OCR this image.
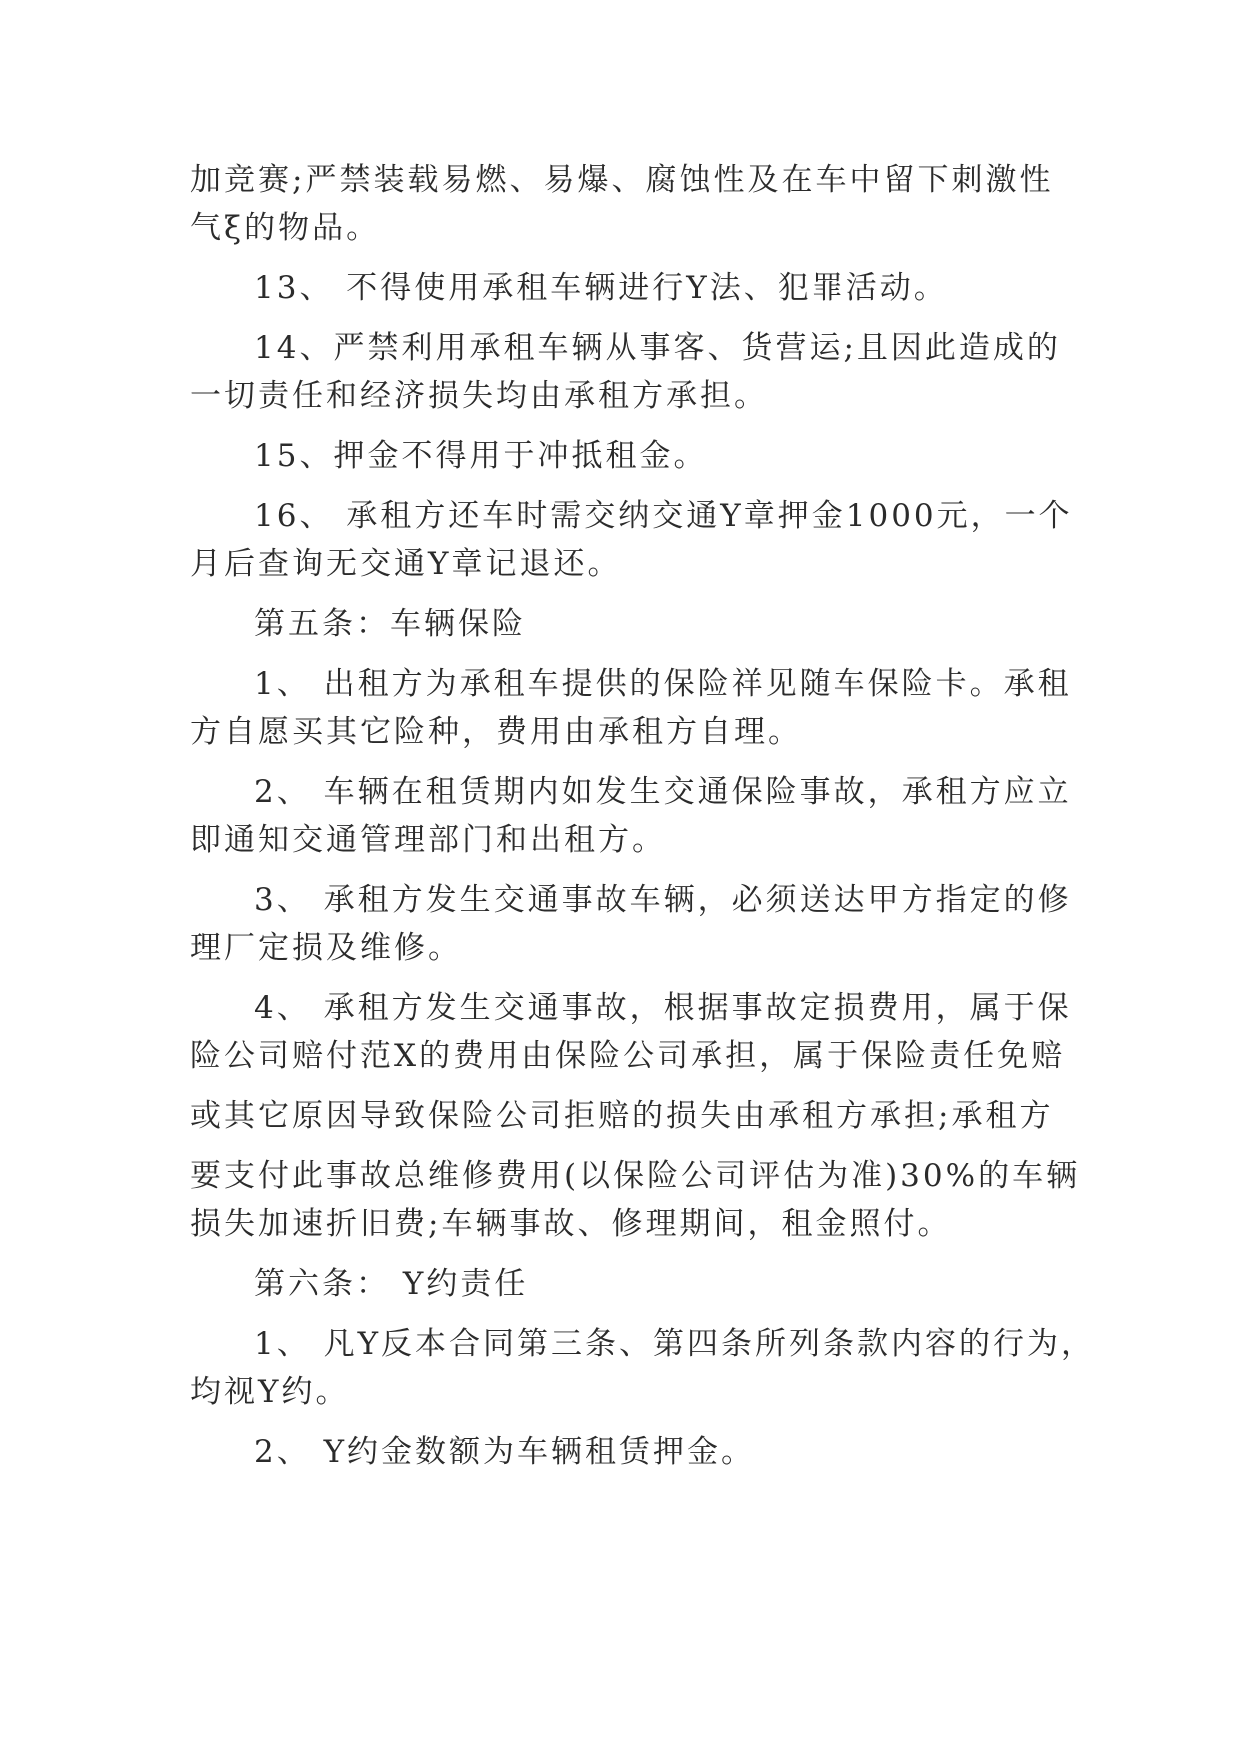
加竞赛;严禁装载易燃、易爆、腐蚀性及在车中留下刺激性
气ξ的物品。
13、 不得使用承租车辆进行Y法、犯罪活动。
14、严禁利用承租车辆从事客、货营运;且因此造成的
一切责任和经济损失均由承租方承担。
15、押金不得用于冲抵租金。
16、 承租方还车时需交纳交通Y章押金1000元，一个
月后查询无交通Y章记退还。
第五条：车辆保险
1、 出租方为承租车提供的保险祥见随车保险卡。承租
方自愿买其它险种，费用由承租方自理。
2、 车辆在租赁期内如发生交通保险事故，承租方应立
即通知交通管理部门和出租方。
3、 承租方发生交通事故车辆，必须送达甲方指定的修
理厂定损及维修。
4、 承租方发生交通事故，根据事故定损费用，属于保
险公司赔付范X的费用由保险公司承担，属于保险责任免赔
或其它原因导致保险公司拒赔的损失由承租方承担;承租方
要支付此事故总维修费用(以保险公司评估为准)30%的车辆
损失加速折旧费;车辆事故、修理期间，租金照付。
第六条： Y约责任
1、 凡Y反本合同第三条、第四条所列条款内容的行为，
均视Y约。
2、 Y约金数额为车辆租赁押金。
